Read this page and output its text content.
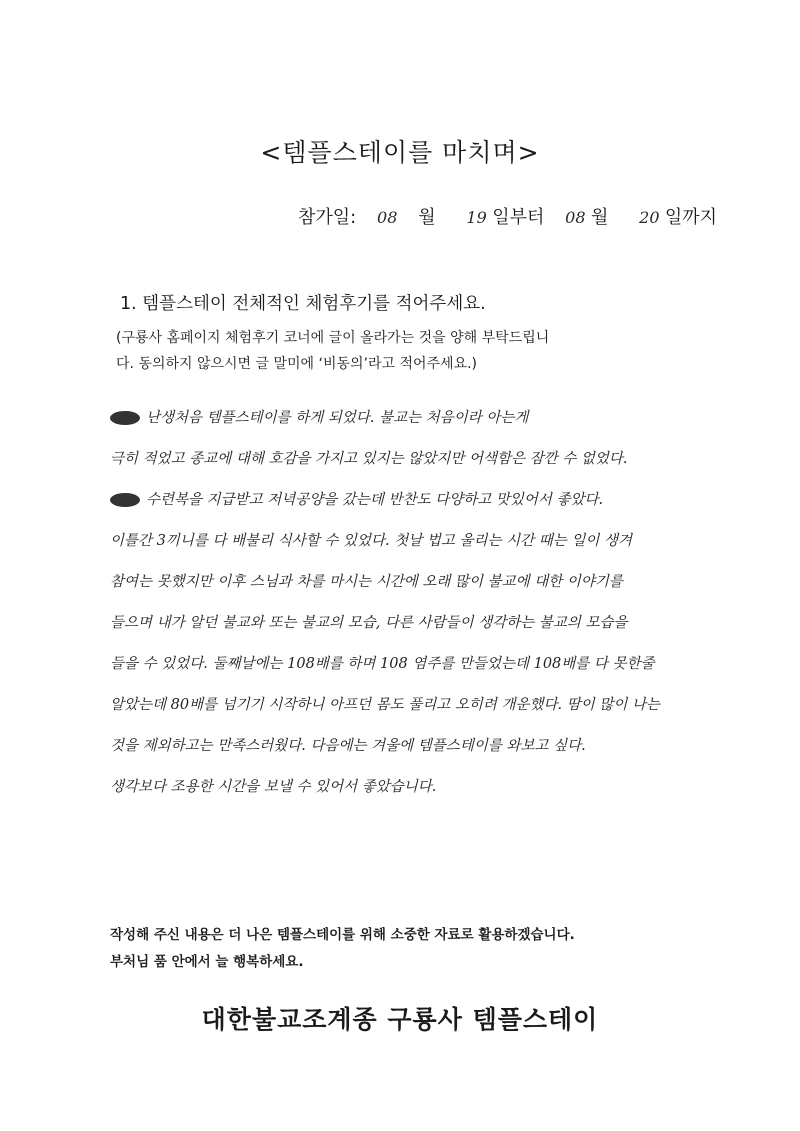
<템플스테이를 마치며>
참가일: 08 월 19 일부터 08 월 20 일까지
1. 템플스테이 전체적인 체험후기를 적어주세요.

(구룡사 홈페이지 체험후기 코너에 글이 올라가는 것을 양해 부탁드립니

다. 동의하지 않으시면 글 말미에 ‘비동의’라고 적어주세요.)

난생처음 템플스테이를 하게 되었다. 불교는 처음이라 아는게

극히 적었고 종교에 대해 호감을 가지고 있지는 않았지만 어색함은 잠깐 수 없었다.

수련복을 지급받고 저녁공양을 갔는데 반찬도 다양하고 맛있어서 좋았다.

이틀간 3끼니를 다 배불리 식사할 수 있었다. 첫날 법고 울리는 시간 때는 일이 생겨

참여는 못했지만 이후 스님과 차를 마시는 시간에 오래 많이 불교에 대한 이야기를

들으며 내가 알던 불교와 또는 불교의 모습, 다른 사람들이 생각하는 불교의 모습을

들을 수 있었다. 둘째날에는 108배를 하며 108 염주를 만들었는데 108배를 다 못한줄

알았는데 80배를 넘기기 시작하니 아프던 몸도 풀리고 오히려 개운했다. 땀이 많이 나는

것을 제외하고는 만족스러웠다. 다음에는 겨울에 템플스테이를 와보고 싶다.

생각보다 조용한 시간을 보낼 수 있어서 좋았습니다.

작성해 주신 내용은 더 나은 템플스테이를 위해 소중한 자료로 활용하겠습니다.

부처님 품 안에서 늘 행복하세요.

대한불교조계종 구룡사 템플스테이
